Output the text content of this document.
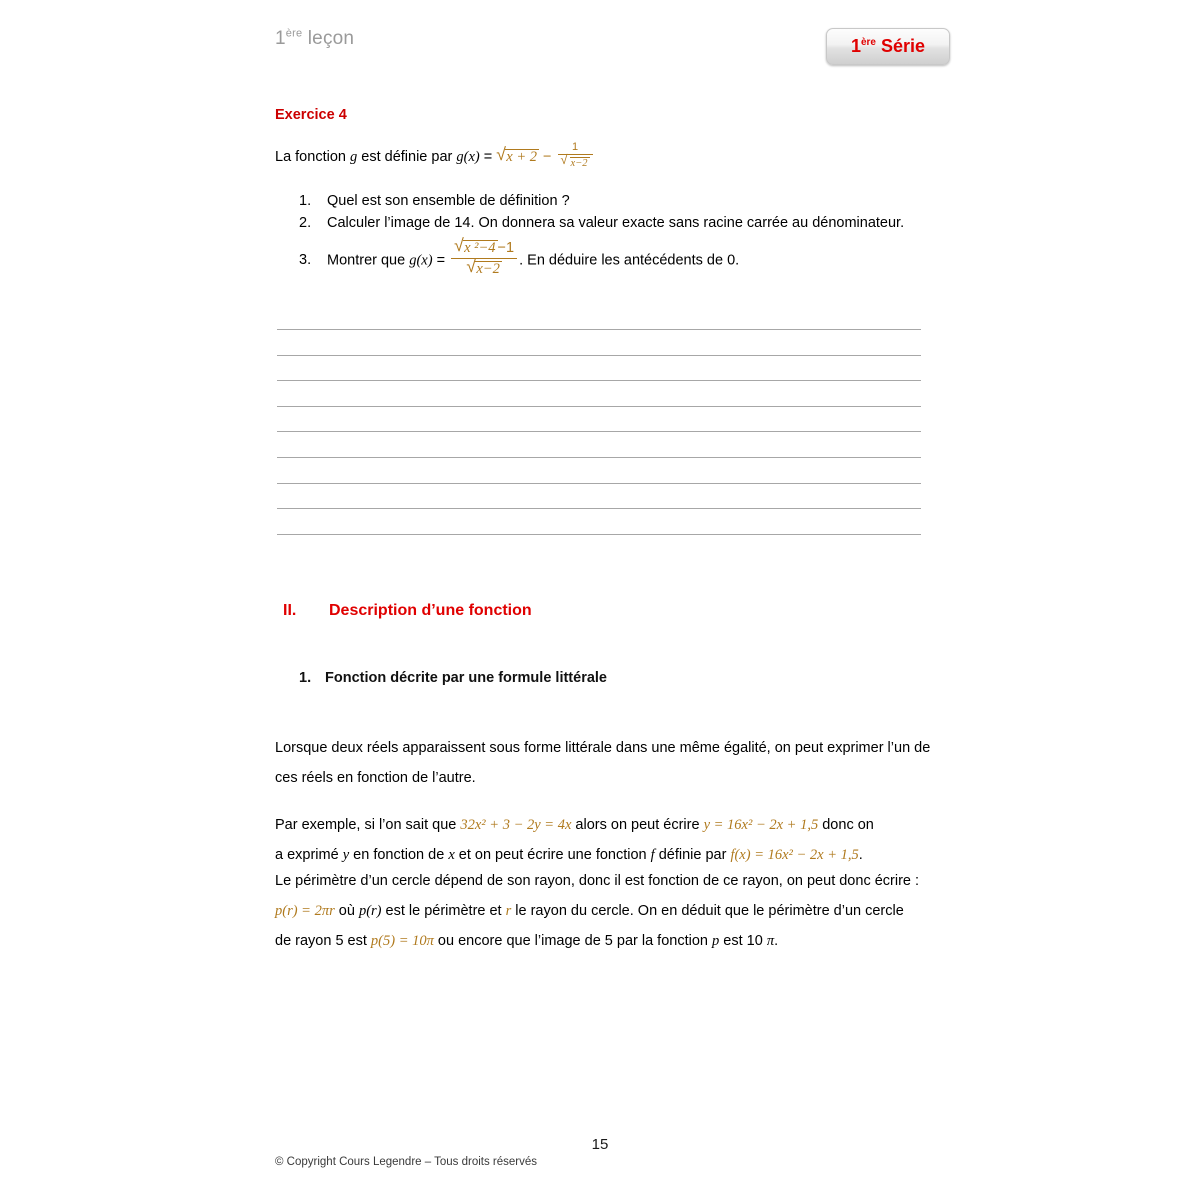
1ère leçon	1ère Série
Exercice 4
La fonction g est définie par g(x) = √ x + 2 − 1
√ x−2
1.	Quel est son ensemble de définition ?
2.	Calculer l’image de 14. On donnera sa valeur exacte sans racine carrée au dénominateur.
3.	Montrer que g(x) = √ x ²−4 −1
√ x−2 . En déduire les antécédents de 0.
II.	Description d’une fonction
1. Fonction décrite par une formule littérale
Lorsque deux réels apparaissent sous forme littérale dans une même égalité, on peut exprimer l’un de
ces réels en fonction de l’autre.
Par exemple, si l’on sait que 32x² + 3 − 2y = 4x alors on peut écrire y = 16x² − 2x + 1,5 donc on
a exprimé y en fonction de x et on peut écrire une fonction f définie par f(x) = 16x² − 2x + 1,5.
Le périmètre d’un cercle dépend de son rayon, donc il est fonction de ce rayon, on peut donc écrire :
p(r) = 2πr où p(r) est le périmètre et r le rayon du cercle. On en déduit que le périmètre d’un cercle
de rayon 5 est p(5) = 10π ou encore que l’image de 5 par la fonction p est 10 π.
15
© Copyright Cours Legendre – Tous droits réservés
